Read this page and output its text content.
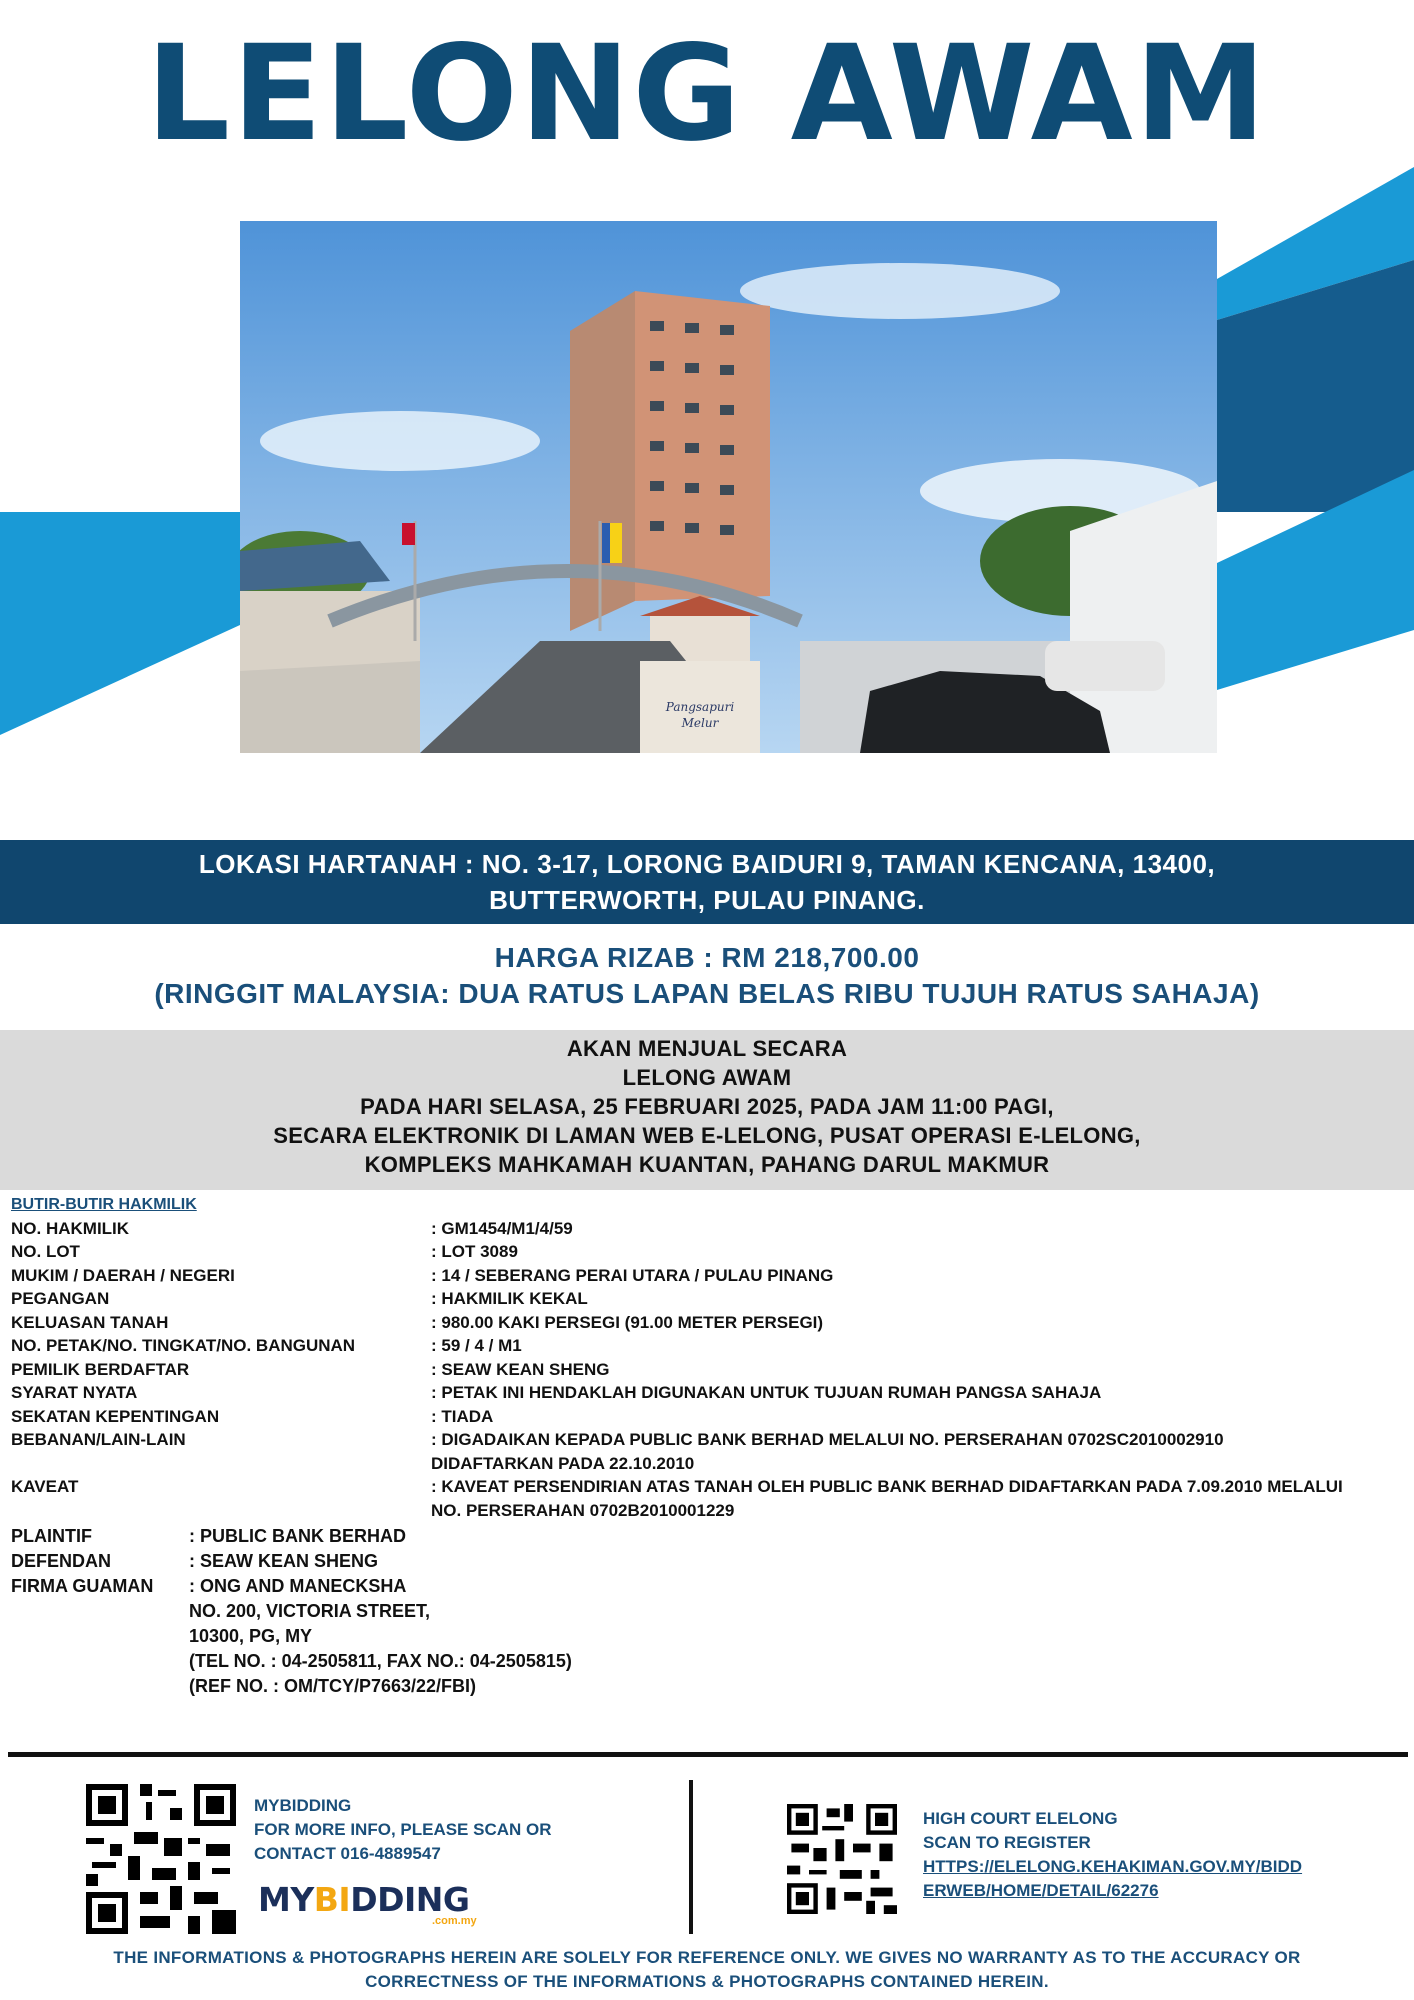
LELONG AWAM
Pangsapuri
Melur
LOKASI HARTANAH : NO. 3-17, LORONG BAIDURI 9, TAMAN KENCANA, 13400,
BUTTERWORTH, PULAU PINANG.
HARGA RIZAB : RM 218,700.00
(RINGGIT MALAYSIA: DUA RATUS LAPAN BELAS RIBU TUJUH RATUS SAHAJA)
AKAN MENJUAL SECARA
LELONG AWAM
PADA HARI SELASA, 25 FEBRUARI 2025, PADA JAM 11:00 PAGI,
SECARA ELEKTRONIK DI LAMAN WEB E-LELONG, PUSAT OPERASI E-LELONG,
KOMPLEKS MAHKAMAH KUANTAN, PAHANG DARUL MAKMUR
BUTIR-BUTIR HAKMILIK
NO. HAKMILIK	: GM1454/M1/4/59
NO. LOT	: LOT 3089
MUKIM / DAERAH / NEGERI	: 14 / SEBERANG PERAI UTARA / PULAU PINANG
PEGANGAN	: HAKMILIK KEKAL
KELUASAN TANAH	: 980.00 KAKI PERSEGI (91.00 METER PERSEGI)
NO. PETAK/NO. TINGKAT/NO. BANGUNAN	: 59 / 4 / M1
PEMILIK BERDAFTAR	: SEAW KEAN SHENG
SYARAT NYATA	: PETAK INI HENDAKLAH DIGUNAKAN UNTUK TUJUAN RUMAH PANGSA SAHAJA
SEKATAN KEPENTINGAN	: TIADA
BEBANAN/LAIN-LAIN	: DIGADAIKAN KEPADA PUBLIC BANK BERHAD MELALUI NO. PERSERAHAN 0702SC2010002910
DIDAFTARKAN PADA 22.10.2010
KAVEAT	: KAVEAT PERSENDIRIAN ATAS TANAH OLEH PUBLIC BANK BERHAD DIDAFTARKAN PADA 7.09.2010 MELALUI
NO. PERSERAHAN 0702B2010001229
PLAINTIF	: PUBLIC BANK BERHAD
DEFENDAN	: SEAW KEAN SHENG
FIRMA GUAMAN	: ONG AND MANECKSHA
NO. 200, VICTORIA STREET,
10300, PG, MY
(TEL NO. : 04-2505811, FAX NO.: 04-2505815)
(REF NO. : OM/TCY/P7663/22/FBI)
MYBIDDING
FOR MORE INFO, PLEASE SCAN OR
CONTACT 016-4889547
MYBIDDING
.com.my
HIGH COURT ELELONG
SCAN TO REGISTER
HTTPS://ELELONG.KEHAKIMAN.GOV.MY/BIDD
ERWEB/HOME/DETAIL/62276
THE INFORMATIONS & PHOTOGRAPHS HEREIN ARE SOLELY FOR REFERENCE ONLY. WE GIVES NO WARRANTY AS TO THE ACCURACY OR
CORRECTNESS OF THE INFORMATIONS & PHOTOGRAPHS CONTAINED HEREIN.
